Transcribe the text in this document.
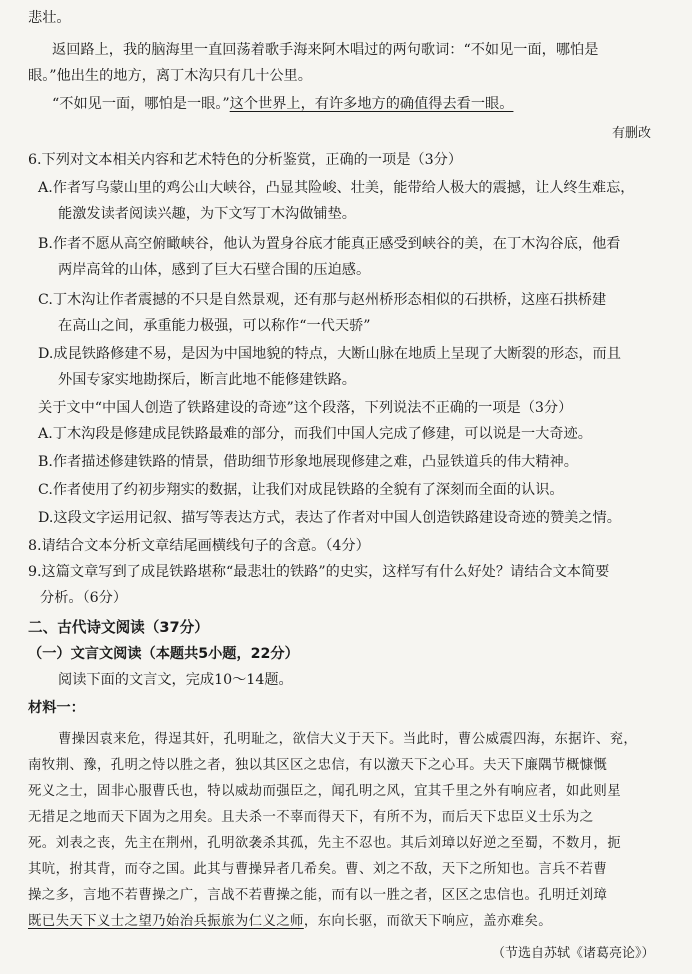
悲壮。
返回路上，我的脑海里一直回荡着歌手海来阿木唱过的两句歌词：“不如见一面，哪怕是
眼。”他出生的地方，离丁木沟只有几十公里。
“不如见一面，哪怕是一眼。”这个世界上，有许多地方的确值得去看一眼。
有删改
6.下列对文本相关内容和艺术特色的分析鉴赏，正确的一项是（3分）
A.作者写乌蒙山里的鸡公山大峡谷，凸显其险峻、壮美，能带给人极大的震撼，让人终生难忘，
能激发读者阅读兴趣，为下文写丁木沟做铺垫。
B.作者不愿从高空俯瞰峡谷，他认为置身谷底才能真正感受到峡谷的美，在丁木沟谷底，他看
两岸高耸的山体，感到了巨大石壁合围的压迫感。
C.丁木沟让作者震撼的不只是自然景观，还有那与赵州桥形态相似的石拱桥，这座石拱桥建
在高山之间，承重能力极强，可以称作“一代天骄”
D.成昆铁路修建不易，是因为中国地貌的特点，大断山脉在地质上呈现了大断裂的形态，而且
外国专家实地勘探后，断言此地不能修建铁路。
关于文中“中国人创造了铁路建设的奇迹”这个段落，下列说法不正确的一项是（3分）
A.丁木沟段是修建成昆铁路最难的部分，而我们中国人完成了修建，可以说是一大奇迹。
B.作者描述修建铁路的情景，借助细节形象地展现修建之难，凸显铁道兵的伟大精神。
C.作者使用了约初步翔实的数据，让我们对成昆铁路的全貌有了深刻而全面的认识。
D.这段文字运用记叙、描写等表达方式，表达了作者对中国人创造铁路建设奇迹的赞美之情。
8.请结合文本分析文章结尾画横线句子的含意。（4分）
9.这篇文章写到了成昆铁路堪称“最悲壮的铁路”的史实，这样写有什么好处？请结合文本简要
分析。（6分）
二、古代诗文阅读（37分）
（一）文言文阅读（本题共5小题，22分）
阅读下面的文言文，完成10～14题。
材料一：
曹操因袁来危，得逞其奸，孔明耻之，欲信大义于天下。当此时，曹公威震四海，东据许、兖，
南牧荆、豫，孔明之恃以胜之者，独以其区区之忠信，有以激天下之心耳。夫天下廉隅节概慷慨
死义之士，固非心服曹氏也，特以威劫而强臣之，闻孔明之风，宜其千里之外有响应者，如此则星
无措足之地而天下固为之用矣。且夫杀一不辜而得天下，有所不为，而后天下忠臣义士乐为之
死。刘表之丧，先主在荆州，孔明欲袭杀其孤，先主不忍也。其后刘璋以好逆之至蜀，不数月，扼
其吭，拊其背，而夺之国。此其与曹操异者几希矣。曹、刘之不敌，天下之所知也。言兵不若曹
操之多，言地不若曹操之广，言战不若曹操之能，而有以一胜之者，区区之忠信也。孔明迁刘璋
既已失天下义士之望乃始治兵振旅为仁义之师，东向长驱，而欲天下响应，盖亦难矣。
（节选自苏轼《诸葛亮论》）
